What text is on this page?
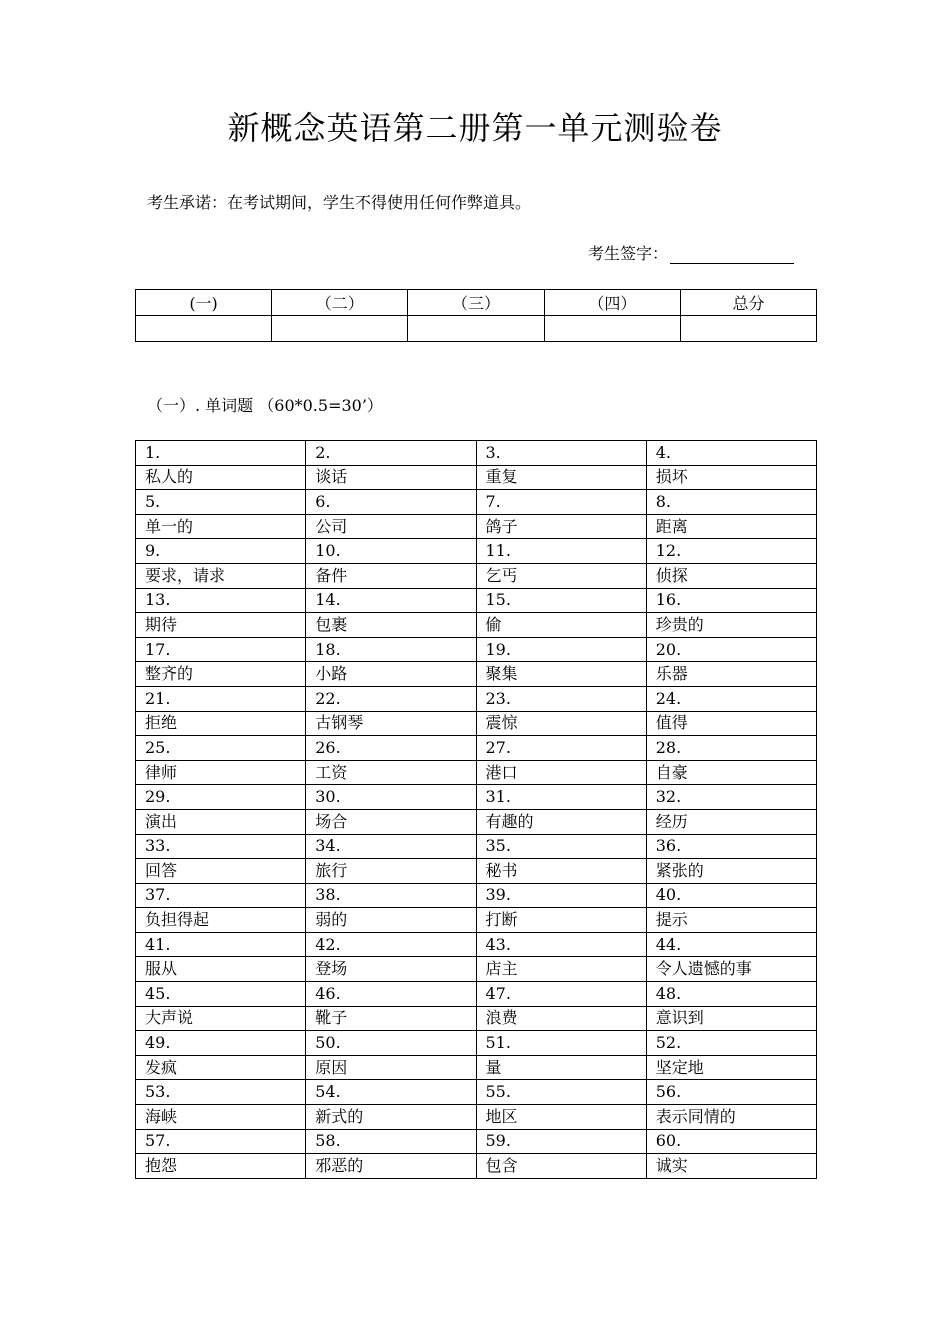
新概念英语第二册第一单元测验卷
考生承诺：在考试期间，学生不得使用任何作弊道具。
考生签字：
(一)	（二）	（三）	（四）	总分

（一）. 单词题 （60*0.5=30’）
1.	2.	3.	4.
私人的	谈话	重复	损坏
5.	6.	7.	8.
单一的	公司	鸽子	距离
9.	10.	11.	12.
要求，请求	备件	乞丐	侦探
13.	14.	15.	16.
期待	包裹	偷	珍贵的
17.	18.	19.	20.
整齐的	小路	聚集	乐器
21.	22.	23.	24.
拒绝	古钢琴	震惊	值得
25.	26.	27.	28.
律师	工资	港口	自豪
29.	30.	31.	32.
演出	场合	有趣的	经历
33.	34.	35.	36.
回答	旅行	秘书	紧张的
37.	38.	39.	40.
负担得起	弱的	打断	提示
41.	42.	43.	44.
服从	登场	店主	令人遗憾的事
45.	46.	47.	48.
大声说	靴子	浪费	意识到
49.	50.	51.	52.
发疯	原因	量	坚定地
53.	54.	55.	56.
海峡	新式的	地区	表示同情的
57.	58.	59.	60.
抱怨	邪恶的	包含	诚实
